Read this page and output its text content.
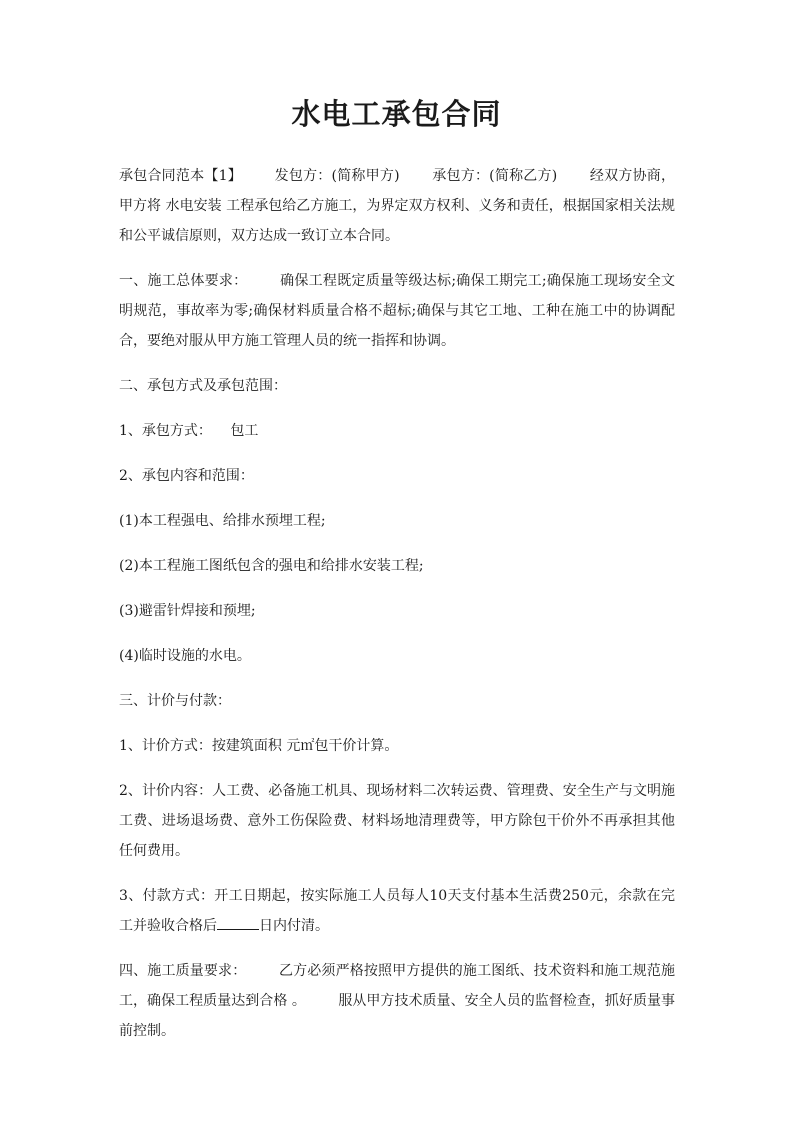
水电工承包合同

承包合同范本【1】 发包方：(简称甲方) 承包方：(简称乙方) 经双方协商，甲方将 水电安装 工程承包给乙方施工，为界定双方权利、义务和责任，根据国家相关法规和公平诚信原则，双方达成一致订立本合同。

一、施工总体要求： 确保工程既定质量等级达标;确保工期完工;确保施工现场安全文明规范，事故率为零;确保材料质量合格不超标;确保与其它工地、工种在施工中的协调配合，要绝对服从甲方施工管理人员的统一指挥和协调。

二、承包方式及承包范围：

1、承包方式： 包工

2、承包内容和范围：

(1)本工程强电、给排水预埋工程;

(2)本工程施工图纸包含的强电和给排水安装工程;

(3)避雷针焊接和预埋;

(4)临时设施的水电。

三、计价与付款：

1、计价方式：按建筑面积 元㎡包干价计算。

2、计价内容：人工费、必备施工机具、现场材料二次转运费、管理费、安全生产与文明施工费、进场退场费、意外工伤保险费、材料场地清理费等，甲方除包干价外不再承担其他任何费用。

3、付款方式：开工日期起，按实际施工人员每人10天支付基本生活费250元，余款在完工并验收合格后	日内付清。

四、施工质量要求： 乙方必须严格按照甲方提供的施工图纸、技术资料和施工规范施工，确保工程质量达到合格 。 服从甲方技术质量、安全人员的监督检查，抓好质量事前控制。
